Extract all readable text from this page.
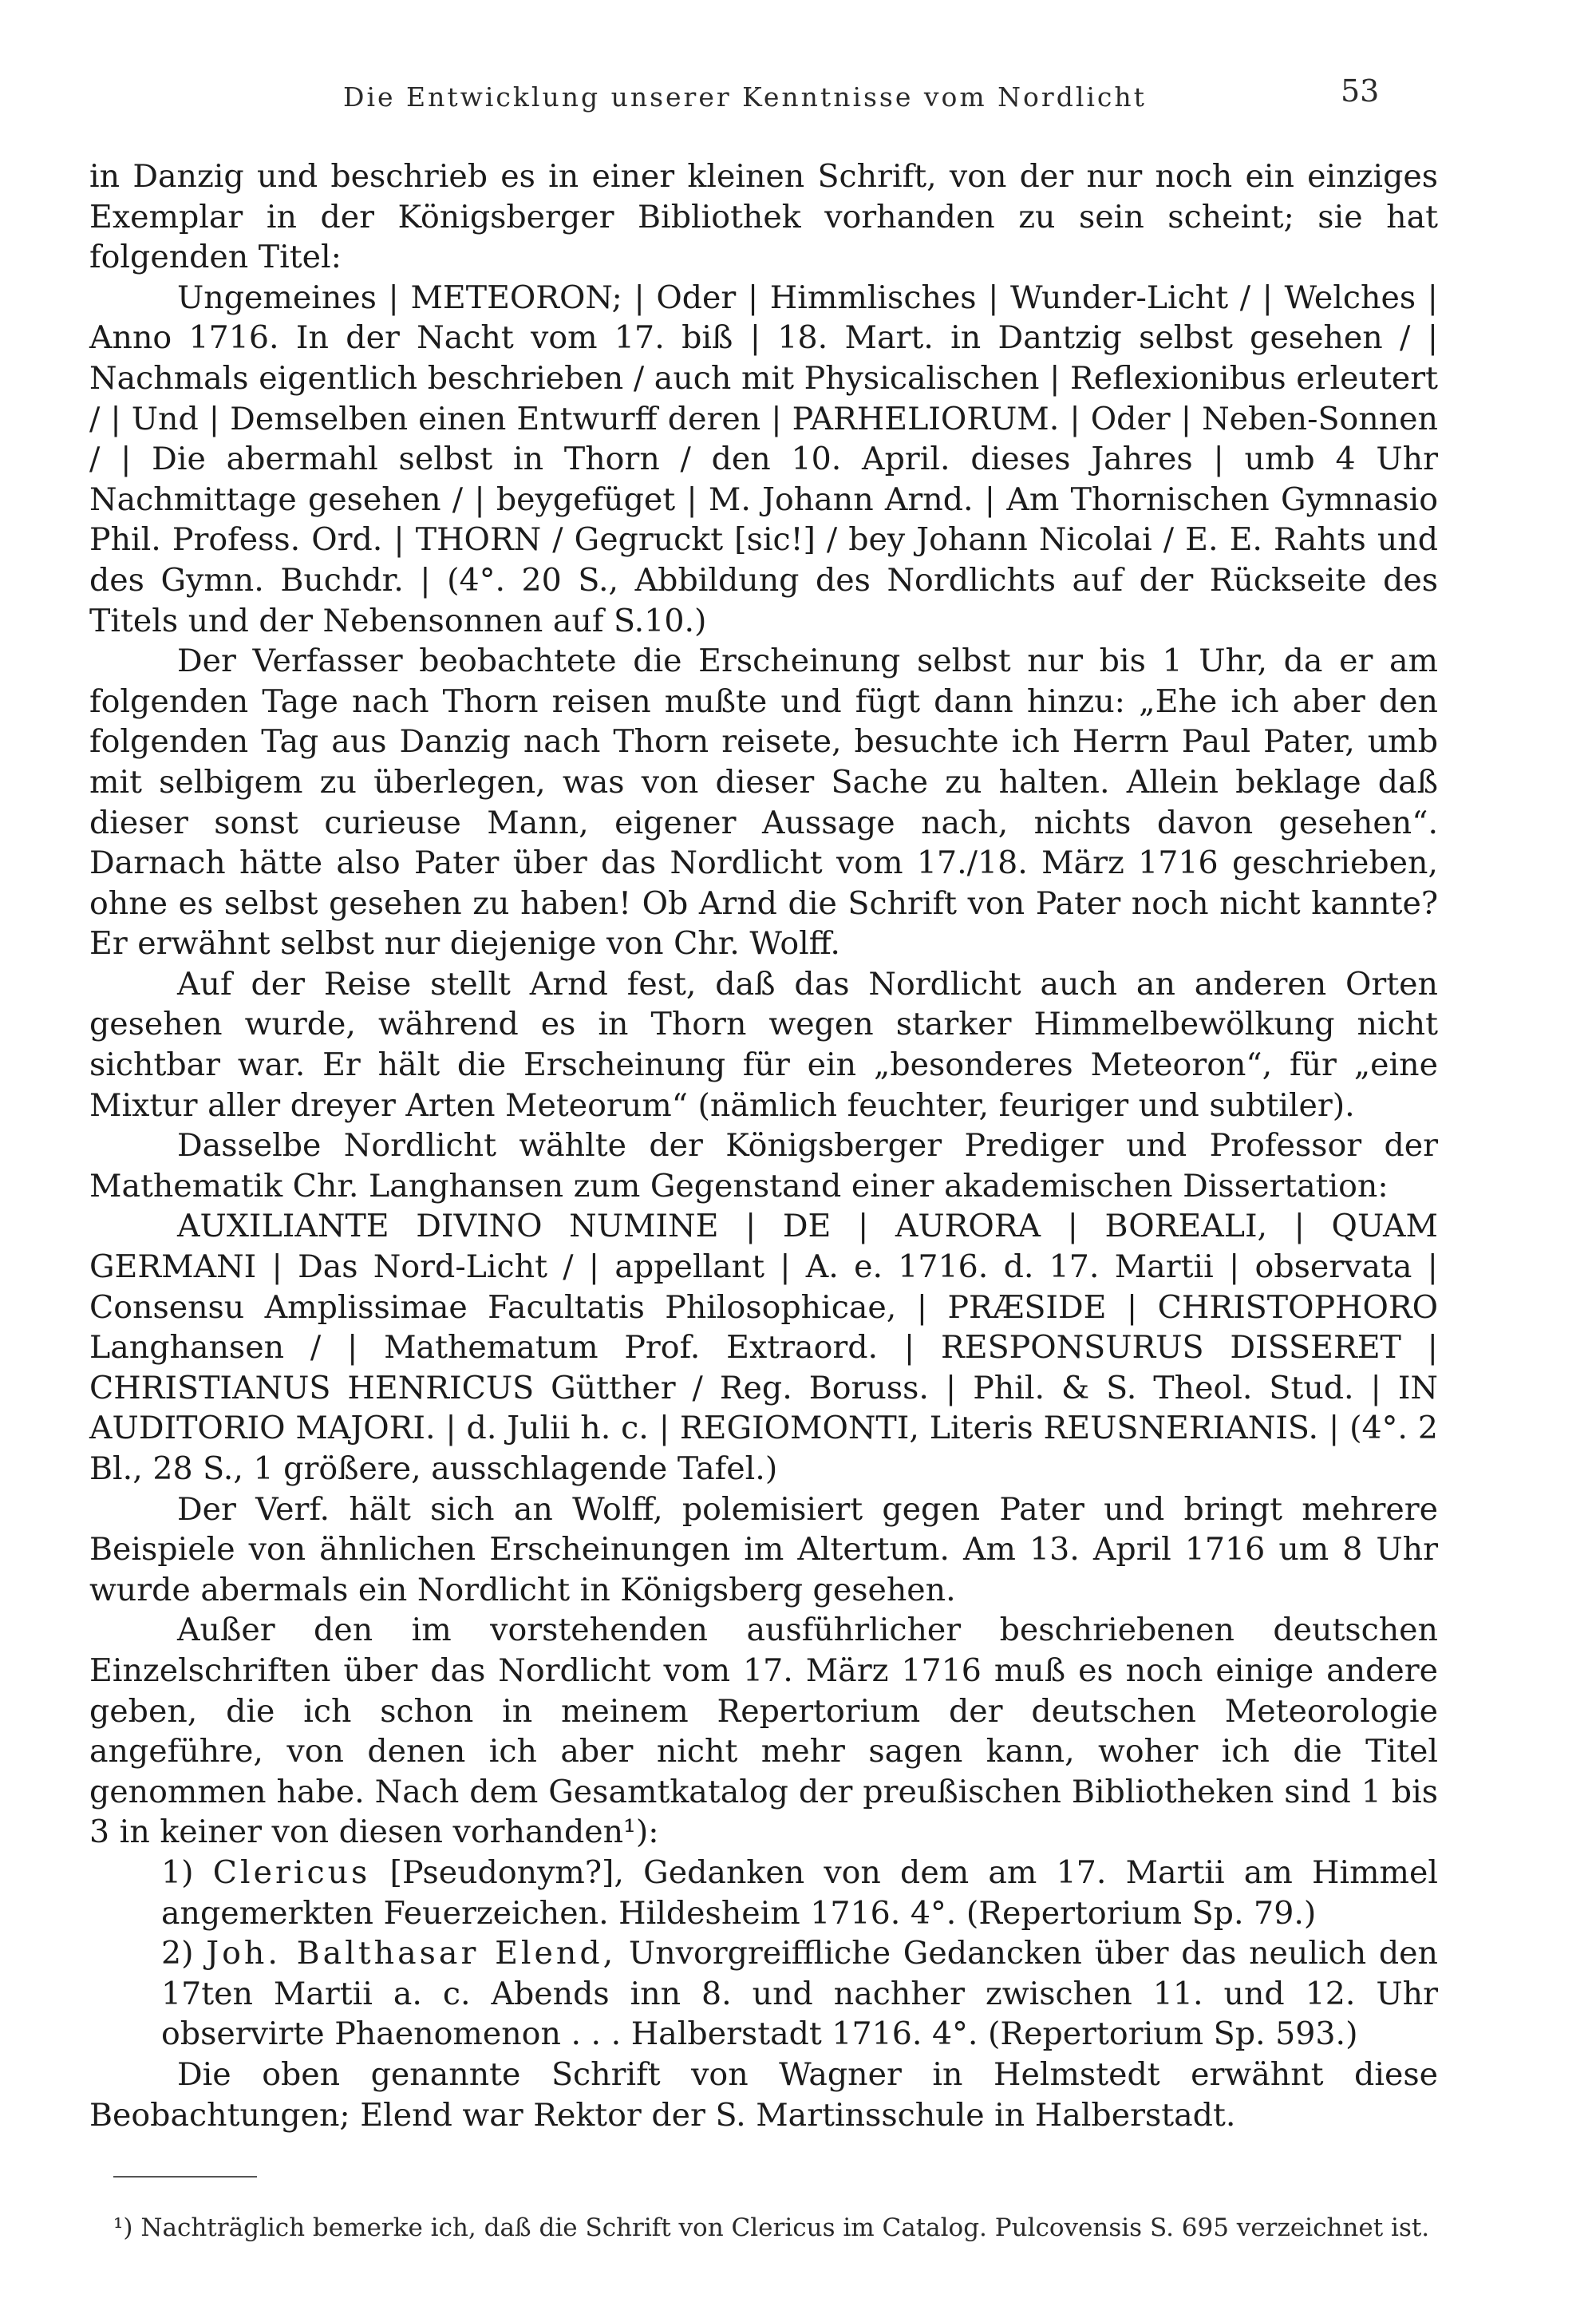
Die Entwicklung unserer Kenntnisse vom Nordlicht	53

in Danzig und beschrieb es in einer kleinen Schrift, von der nur noch ein einziges Exemplar in der Königsberger Bibliothek vorhanden zu sein scheint; sie hat folgenden Titel:

Ungemeines | METEORON; | Oder | Himmlisches | Wunder-Licht / | Welches | Anno 1716. In der Nacht vom 17. biß | 18. Mart. in Dantzig selbst gesehen / | Nachmals eigentlich beschrieben / auch mit Physicalischen | Reflexionibus erleutert / | Und | Demselben einen Entwurff deren | PARHELIORUM. | Oder | Neben-Sonnen / | Die abermahl selbst in Thorn / den 10. April. dieses Jahres | umb 4 Uhr Nachmittage gesehen / | beygefüget | M. Johann Arnd. | Am Thornischen Gymnasio Phil. Profess. Ord. | THORN / Gegruckt [sic!] / bey Johann Nicolai / E. E. Rahts und des Gymn. Buchdr. | (4°. 20 S., Abbildung des Nordlichts auf der Rückseite des Titels und der Nebensonnen auf S.10.)

Der Verfasser beobachtete die Erscheinung selbst nur bis 1 Uhr, da er am folgenden Tage nach Thorn reisen mußte und fügt dann hinzu: „Ehe ich aber den folgenden Tag aus Danzig nach Thorn reisete, besuchte ich Herrn Paul Pater, umb mit selbigem zu überlegen, was von dieser Sache zu halten. Allein beklage daß dieser sonst curieuse Mann, eigener Aussage nach, nichts davon gesehen“. Darnach hätte also Pater über das Nordlicht vom 17./18. März 1716 geschrieben, ohne es selbst gesehen zu haben! Ob Arnd die Schrift von Pater noch nicht kannte? Er erwähnt selbst nur diejenige von Chr. Wolff.

Auf der Reise stellt Arnd fest, daß das Nordlicht auch an anderen Orten gesehen wurde, während es in Thorn wegen starker Himmelbewölkung nicht sichtbar war. Er hält die Erscheinung für ein „besonderes Meteoron“, für „eine Mixtur aller dreyer Arten Meteorum“ (nämlich feuchter, feuriger und subtiler).

Dasselbe Nordlicht wählte der Königsberger Prediger und Professor der Mathematik Chr. Langhansen zum Gegenstand einer akademischen Dissertation:

AUXILIANTE DIVINO NUMINE | DE | AURORA | BOREALI, | QUAM GERMANI | Das Nord-Licht / | appellant | A. e. 1716. d. 17. Martii | observata | Consensu Amplissimae Facultatis Philosophicae, | PRÆSIDE | CHRISTOPHORO Langhansen / | Mathematum Prof. Extraord. | RESPONSURUS DISSERET | CHRISTIANUS HENRICUS Gütther / Reg. Boruss. | Phil. & S. Theol. Stud. | IN AUDITORIO MAJORI. | d. Julii h. c. | REGIOMONTI, Literis REUSNERIANIS. | (4°. 2 Bl., 28 S., 1 größere, ausschlagende Tafel.)

Der Verf. hält sich an Wolff, polemisiert gegen Pater und bringt mehrere Beispiele von ähnlichen Erscheinungen im Altertum. Am 13. April 1716 um 8 Uhr wurde abermals ein Nordlicht in Königsberg gesehen.

Außer den im vorstehenden ausführlicher beschriebenen deutschen Einzelschriften über das Nordlicht vom 17. März 1716 muß es noch einige andere geben, die ich schon in meinem Repertorium der deutschen Meteorologie angeführe, von denen ich aber nicht mehr sagen kann, woher ich die Titel genommen habe. Nach dem Gesamtkatalog der preußischen Bibliotheken sind 1 bis 3 in keiner von diesen vorhanden¹):

1) Clericus [Pseudonym?], Gedanken von dem am 17. Martii am Himmel angemerkten Feuerzeichen. Hildesheim 1716. 4°. (Repertorium Sp. 79.)

2) Joh. Balthasar Elend, Unvorgreiffliche Gedancken über das neulich den 17ten Martii a. c. Abends inn 8. und nachher zwischen 11. und 12. Uhr observirte Phaenomenon . . . Halberstadt 1716. 4°. (Repertorium Sp. 593.)

Die oben genannte Schrift von Wagner in Helmstedt erwähnt diese Beobachtungen; Elend war Rektor der S. Martinsschule in Halberstadt.

¹) Nachträglich bemerke ich, daß die Schrift von Clericus im Catalog. Pulcovensis S. 695 verzeichnet ist.
